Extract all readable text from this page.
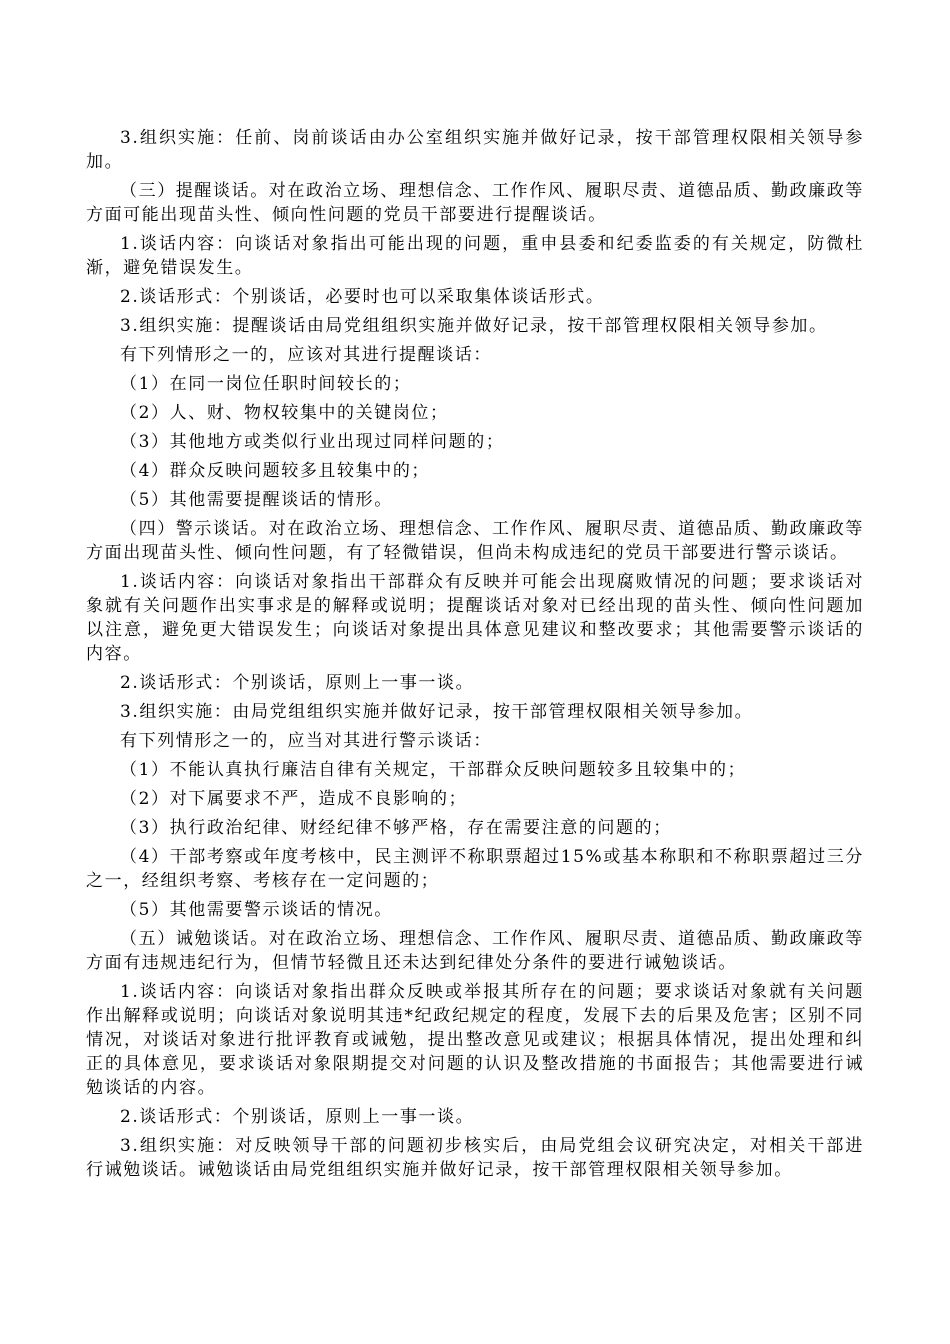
3.组织实施：任前、岗前谈话由办公室组织实施并做好记录，按干部管理权限相关领导参加。

（三）提醒谈话。对在政治立场、理想信念、工作作风、履职尽责、道德品质、勤政廉政等方面可能出现苗头性、倾向性问题的党员干部要进行提醒谈话。

1.谈话内容：向谈话对象指出可能出现的问题，重申县委和纪委监委的有关规定，防微杜渐，避免错误发生。

2.谈话形式：个别谈话，必要时也可以采取集体谈话形式。

3.组织实施：提醒谈话由局党组组织实施并做好记录，按干部管理权限相关领导参加。

有下列情形之一的，应该对其进行提醒谈话：

（1）在同一岗位任职时间较长的；

（2）人、财、物权较集中的关键岗位；

（3）其他地方或类似行业出现过同样问题的；

（4）群众反映问题较多且较集中的；

（5）其他需要提醒谈话的情形。

（四）警示谈话。对在政治立场、理想信念、工作作风、履职尽责、道德品质、勤政廉政等方面出现苗头性、倾向性问题，有了轻微错误，但尚未构成违纪的党员干部要进行警示谈话。

1.谈话内容：向谈话对象指出干部群众有反映并可能会出现腐败情况的问题；要求谈话对象就有关问题作出实事求是的解释或说明；提醒谈话对象对已经出现的苗头性、倾向性问题加以注意，避免更大错误发生；向谈话对象提出具体意见建议和整改要求；其他需要警示谈话的内容。

2.谈话形式：个别谈话，原则上一事一谈。

3.组织实施：由局党组组织实施并做好记录，按干部管理权限相关领导参加。

有下列情形之一的，应当对其进行警示谈话：

（1）不能认真执行廉洁自律有关规定，干部群众反映问题较多且较集中的；

（2）对下属要求不严，造成不良影响的；

（3）执行政治纪律、财经纪律不够严格，存在需要注意的问题的；

（4）干部考察或年度考核中，民主测评不称职票超过15%或基本称职和不称职票超过三分之一，经组织考察、考核存在一定问题的；

（5）其他需要警示谈话的情况。

（五）诫勉谈话。对在政治立场、理想信念、工作作风、履职尽责、道德品质、勤政廉政等方面有违规违纪行为，但情节轻微且还未达到纪律处分条件的要进行诫勉谈话。

1.谈话内容：向谈话对象指出群众反映或举报其所存在的问题；要求谈话对象就有关问题作出解释或说明；向谈话对象说明其违*纪政纪规定的程度，发展下去的后果及危害；区别不同情况，对谈话对象进行批评教育或诫勉，提出整改意见或建议；根据具体情况，提出处理和纠正的具体意见，要求谈话对象限期提交对问题的认识及整改措施的书面报告；其他需要进行诫勉谈话的内容。

2.谈话形式：个别谈话，原则上一事一谈。

3.组织实施：对反映领导干部的问题初步核实后，由局党组会议研究决定，对相关干部进行诫勉谈话。诫勉谈话由局党组组织实施并做好记录，按干部管理权限相关领导参加。
